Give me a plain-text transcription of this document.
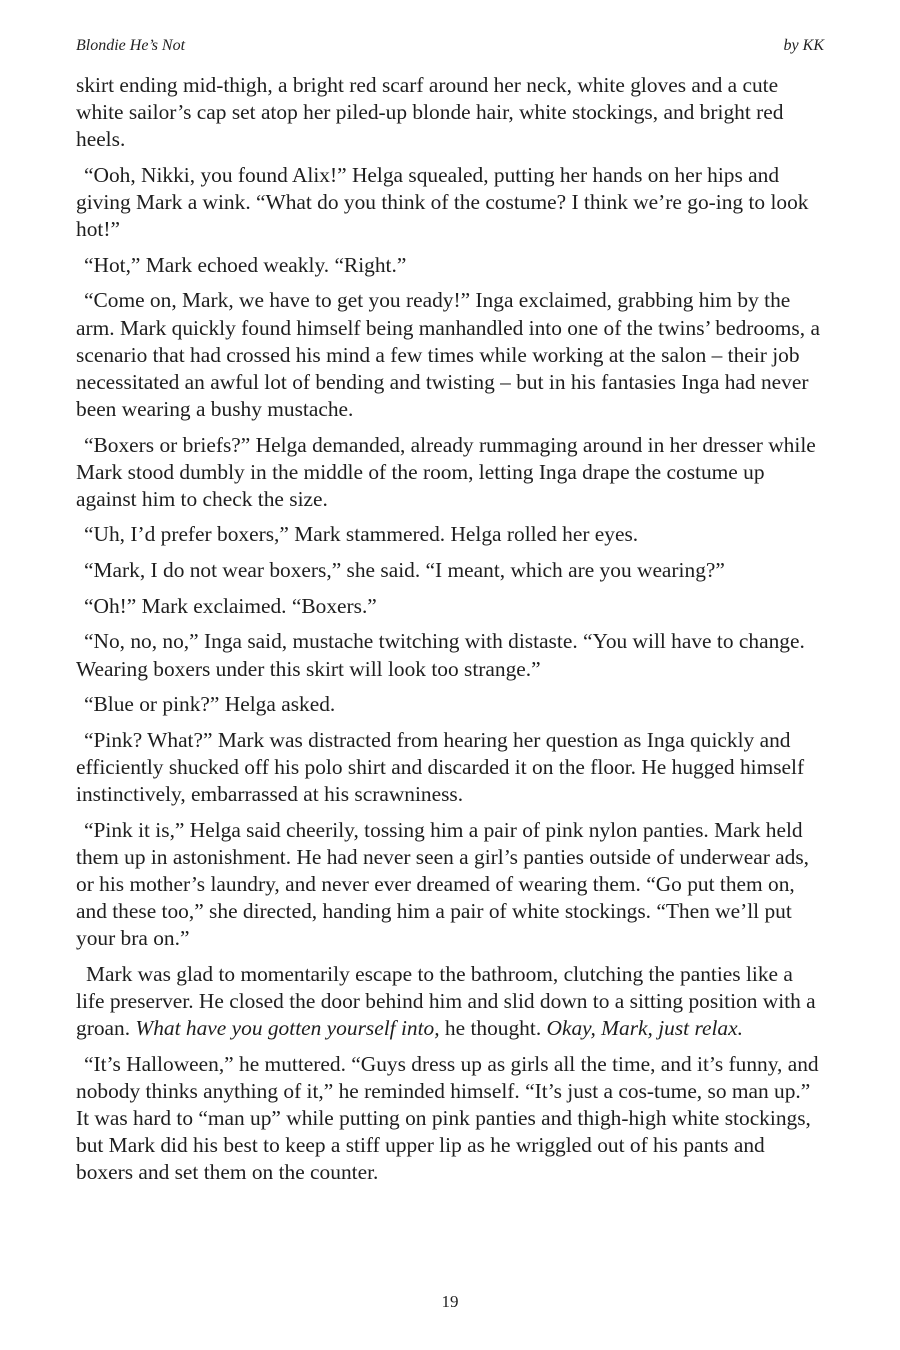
Blondie He’s Not	by KK

skirt ending mid-thigh, a bright red scarf around her neck, white gloves and a cute white sailor’s cap set atop her piled-up blonde hair, white stockings, and bright red heels.

“Ooh, Nikki, you found Alix!” Helga squealed, putting her hands on her hips and giving Mark a wink. “What do you think of the costume? I think we’re go-ing to look hot!”

“Hot,” Mark echoed weakly. “Right.”

“Come on, Mark, we have to get you ready!” Inga exclaimed, grabbing him by the arm. Mark quickly found himself being manhandled into one of the twins’ bedrooms, a scenario that had crossed his mind a few times while working at the salon – their job necessitated an awful lot of bending and twisting – but in his fantasies Inga had never been wearing a bushy mustache.

“Boxers or briefs?” Helga demanded, already rummaging around in her dresser while Mark stood dumbly in the middle of the room, letting Inga drape the costume up against him to check the size.

“Uh, I’d prefer boxers,” Mark stammered. Helga rolled her eyes.

“Mark, I do not wear boxers,” she said. “I meant, which are you wearing?”

“Oh!” Mark exclaimed. “Boxers.”

“No, no, no,” Inga said, mustache twitching with distaste. “You will have to change. Wearing boxers under this skirt will look too strange.”

“Blue or pink?” Helga asked.

“Pink? What?” Mark was distracted from hearing her question as Inga quickly and efficiently shucked off his polo shirt and discarded it on the floor. He hugged himself instinctively, embarrassed at his scrawniness.

“Pink it is,” Helga said cheerily, tossing him a pair of pink nylon panties. Mark held them up in astonishment. He had never seen a girl’s panties outside of underwear ads, or his mother’s laundry, and never ever dreamed of wearing them. “Go put them on, and these too,” she directed, handing him a pair of white stockings. “Then we’ll put your bra on.”

Mark was glad to momentarily escape to the bathroom, clutching the panties like a life preserver. He closed the door behind him and slid down to a sitting position with a groan. What have you gotten yourself into, he thought. Okay, Mark, just relax.

“It’s Halloween,” he muttered. “Guys dress up as girls all the time, and it’s funny, and nobody thinks anything of it,” he reminded himself. “It’s just a cos-tume, so man up.” It was hard to “man up” while putting on pink panties and thigh-high white stockings, but Mark did his best to keep a stiff upper lip as he wriggled out of his pants and boxers and set them on the counter.

19
